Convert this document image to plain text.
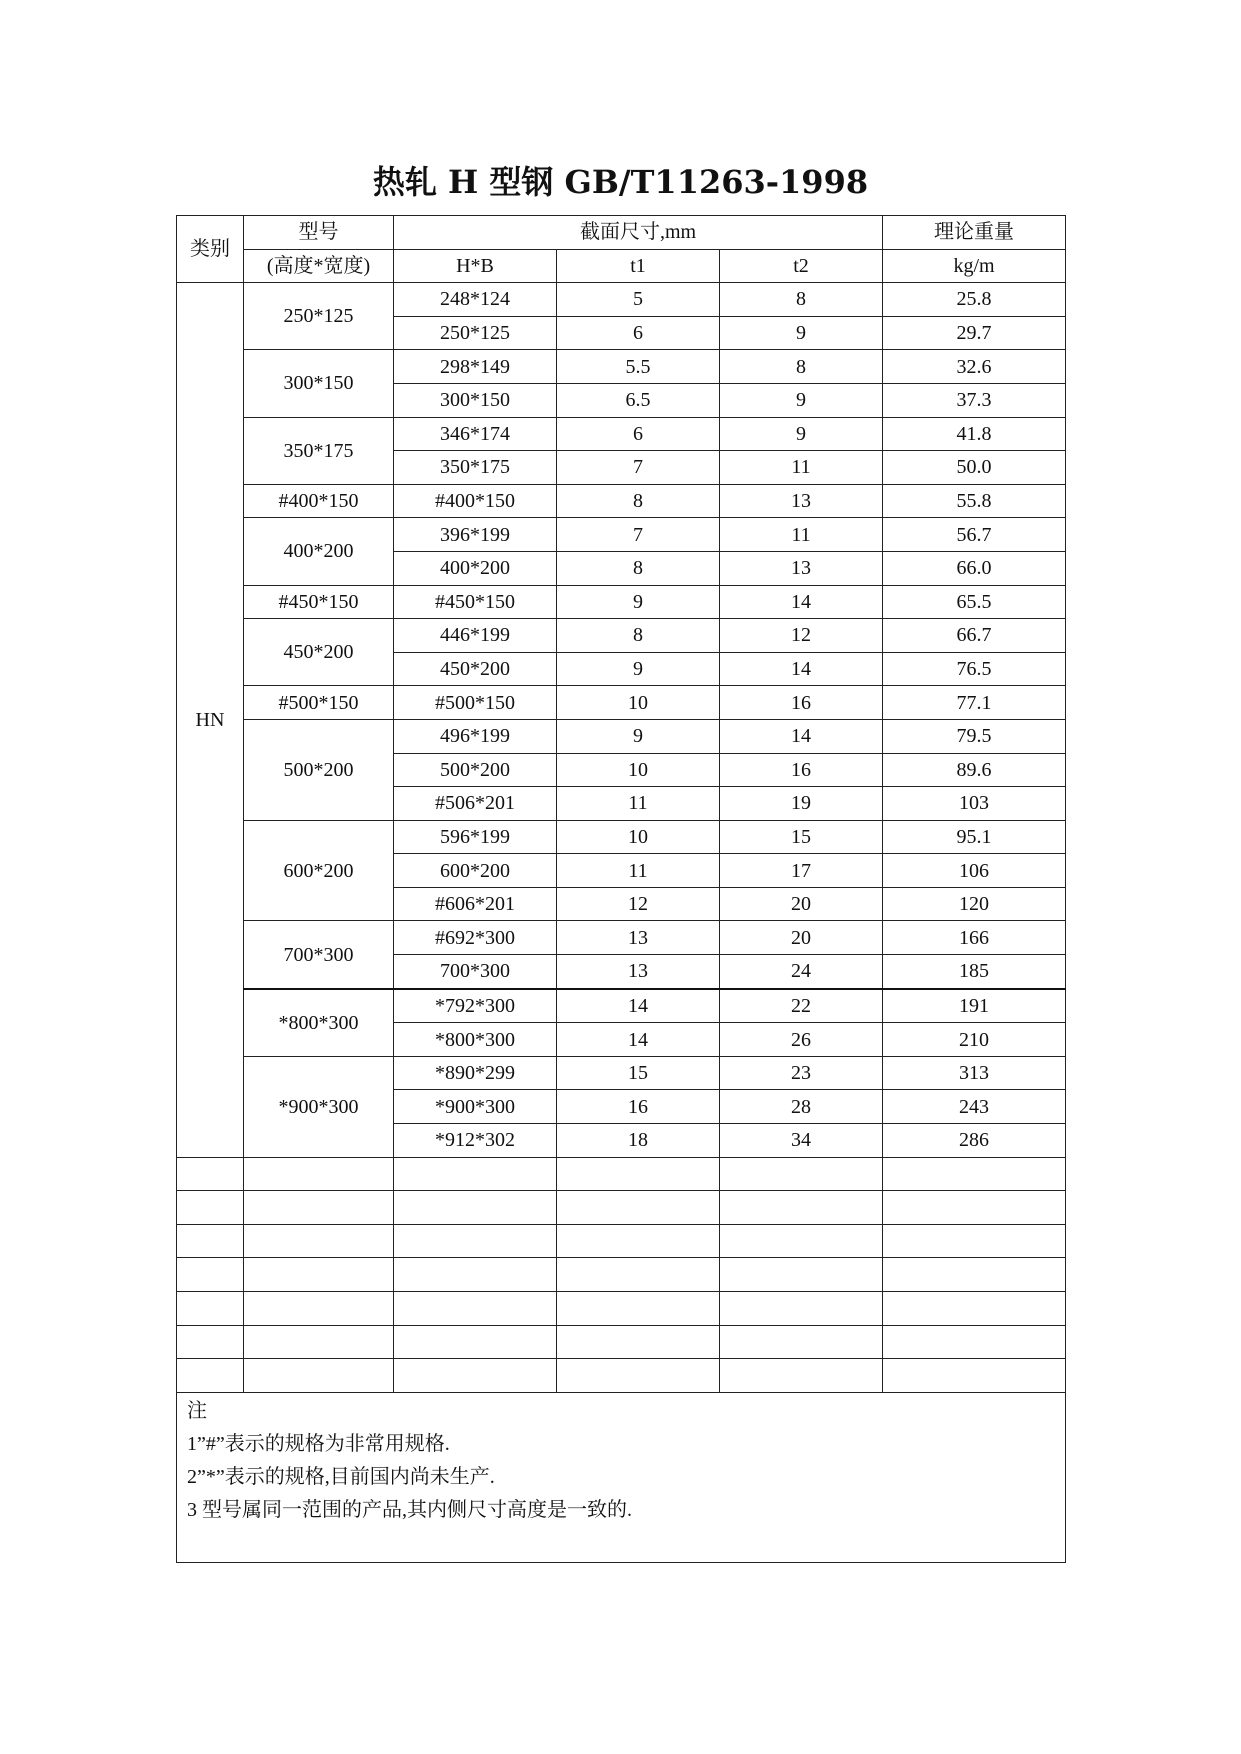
热轧 H 型钢 GB/T11263-1998
类别	型号	截面尺寸,mm			理论重量
	(高度*宽度)	H*B	t1	t2	kg/m
HN	250*125	248*124	5	8	25.8
		250*125	6	9	29.7
	300*150	298*149	5.5	8	32.6
		300*150	6.5	9	37.3
	350*175	346*174	6	9	41.8
		350*175	7	11	50.0
	#400*150	#400*150	8	13	55.8
	400*200	396*199	7	11	56.7
		400*200	8	13	66.0
	#450*150	#450*150	9	14	65.5
	450*200	446*199	8	12	66.7
		450*200	9	14	76.5
	#500*150	#500*150	10	16	77.1
	500*200	496*199	9	14	79.5
		500*200	10	16	89.6
		#506*201	11	19	103
	600*200	596*199	10	15	95.1
		600*200	11	17	106
		#606*201	12	20	120
	700*300	#692*300	13	20	166
		700*300	13	24	185
	*800*300	*792*300	14	22	191
		*800*300	14	26	210
	*900*300	*890*299	15	23	313
		*900*300	16	28	243
		*912*302	18	34	286

注
1”#”表示的规格为非常用规格.
2”*”表示的规格,目前国内尚未生产.
3 型号属同一范围的产品,其内侧尺寸高度是一致的.					
